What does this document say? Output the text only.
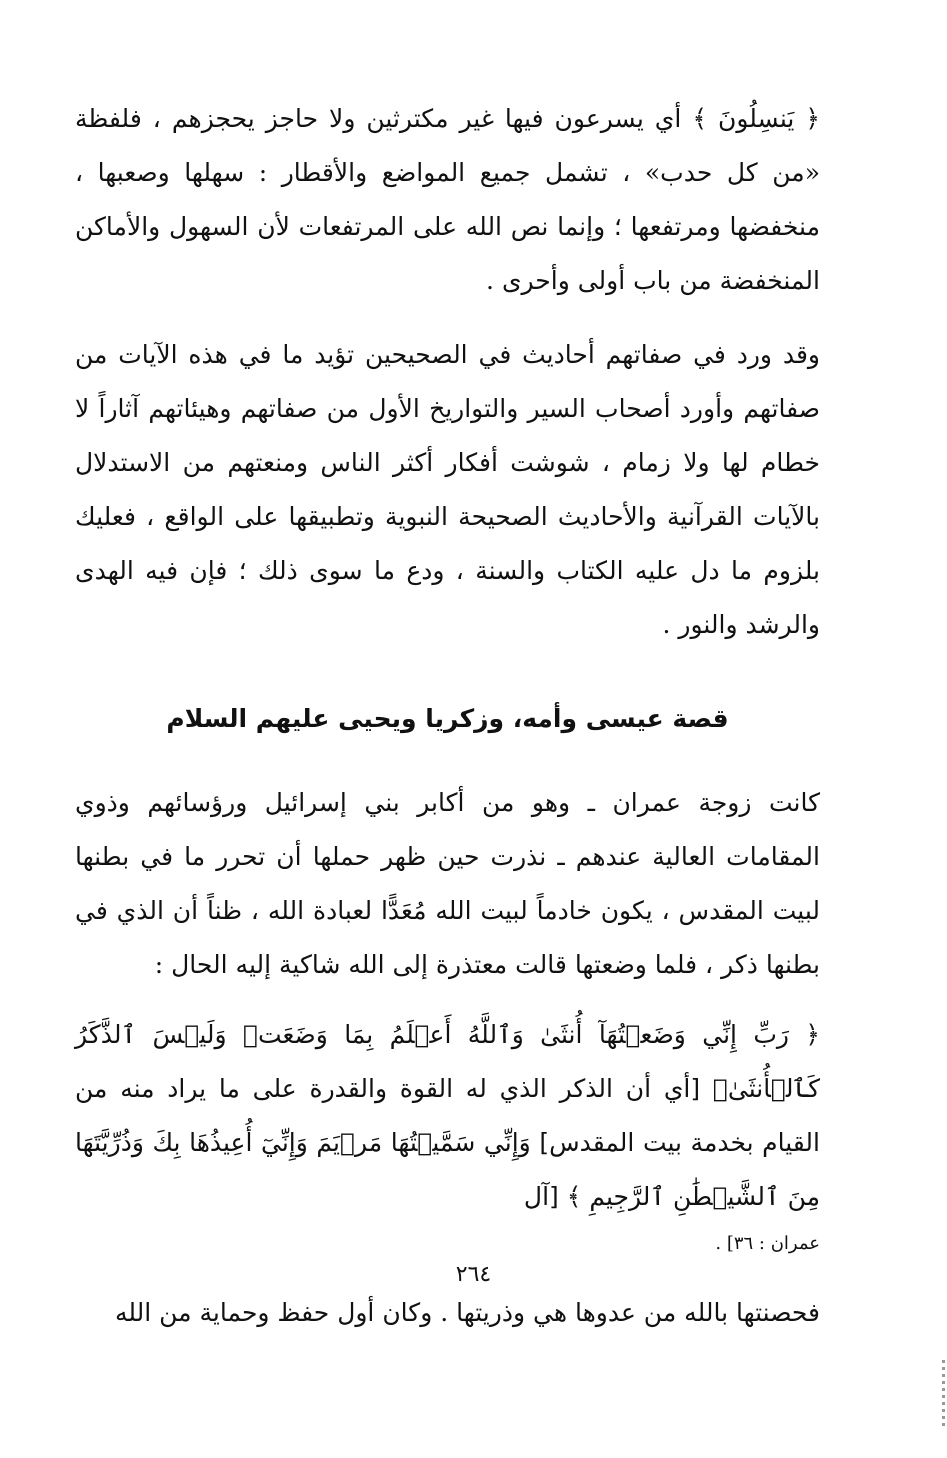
﴿ يَنسِلُونَ ﴾ أي يسرعون فيها غير مكترثين ولا حاجز يحجزهم ، فلفظة «من كل حدب» ، تشمل جميع المواضع والأقطار : سهلها وصعبها ، منخفضها ومرتفعها ؛ وإنما نص الله على المرتفعات لأن السهول والأماكن المنخفضة من باب أولى وأحرى .

وقد ورد في صفاتهم أحاديث في الصحيحين تؤيد ما في هذه الآيات من صفاتهم وأورد أصحاب السير والتواريخ الأول من صفاتهم وهيئاتهم آثاراً لا خطام لها ولا زمام ، شوشت أفكار أكثر الناس ومنعتهم من الاستدلال بالآيات القرآنية والأحاديث الصحيحة النبوية وتطبيقها على الواقع ، فعليك بلزوم ما دل عليه الكتاب والسنة ، ودع ما سوى ذلك ؛ فإن فيه الهدى والرشد والنور .

قصة عيسى وأمه، وزكريا ويحيى عليهم السلام

كانت زوجة عمران ـ وهو من أكابر بني إسرائيل ورؤسائهم وذوي المقامات العالية عندهم ـ نذرت حين ظهر حملها أن تحرر ما في بطنها لبيت المقدس ، يكون خادماً لبيت الله مُعَدًّا لعبادة الله ، ظناً أن الذي في بطنها ذكر ، فلما وضعتها قالت معتذرة إلى الله شاكية إليه الحال :

﴿ رَبِّ إِنِّي وَضَعۡتُهَآ أُنثَىٰ وَٱللَّهُ أَعۡلَمُ بِمَا وَضَعَتۡ وَلَيۡسَ ٱلذَّكَرُ كَٱلۡأُنثَىٰۖ [أي أن الذكر الذي له القوة والقدرة على ما يراد منه من القيام بخدمة بيت المقدس] وَإِنِّي سَمَّيۡتُهَا مَرۡيَمَ وَإِنِّيٓ أُعِيذُهَا بِكَ وَذُرِّيَّتَهَا مِنَ ٱلشَّيۡطَٰنِ ٱلرَّجِيمِ ﴾ [آل

عمران : ٣٦] .

فحصنتها بالله من عدوها هي وذريتها . وكان أول حفظ وحماية من الله

٢٦٤
